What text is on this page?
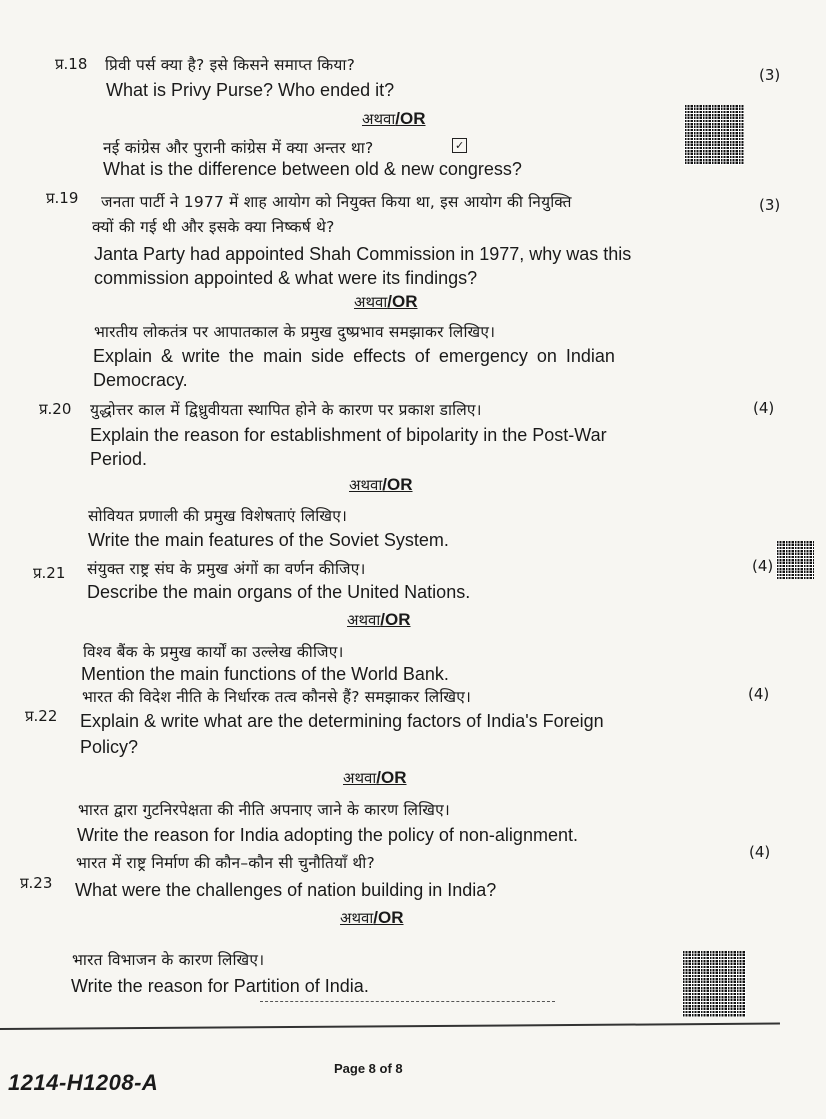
प्र.18 प्रिवी पर्स क्या है? इसे किसने समाप्त किया?
What is Privy Purse? Who ended it?
(3)
अथवा/OR
नई कांग्रेस और पुरानी कांग्रेस में क्या अन्तर था?	✓
What is the difference between old & new congress?
प्र.19 जनता पार्टी ने 1977 में शाह आयोग को नियुक्त किया था, इस आयोग की नियुक्ति
क्यों की गई थी और इसके क्या निष्कर्ष थे?
(3)
Janta Party had appointed Shah Commission in 1977, why was this
commission appointed & what were its findings?
अथवा/OR
भारतीय लोकतंत्र पर आपातकाल के प्रमुख दुष्प्रभाव समझाकर लिखिए।
Explain & write the main side effects of emergency on Indian
Democracy.
प्र.20 युद्धोत्तर काल में द्विध्रुवीयता स्थापित होने के कारण पर प्रकाश डालिए।	(4)
Explain the reason for establishment of bipolarity in the Post-War
Period.
अथवा/OR
सोवियत प्रणाली की प्रमुख विशेषताएं लिखिए।
Write the main features of the Soviet System.
प्र.21 संयुक्त राष्ट्र संघ के प्रमुख अंगों का वर्णन कीजिए।	(4)
Describe the main organs of the United Nations.
अथवा/OR
विश्व बैंक के प्रमुख कार्यों का उल्लेख कीजिए।
Mention the main functions of the World Bank.
प्र.22
भारत की विदेश नीति के निर्धारक तत्व कौनसे हैं? समझाकर लिखिए।	(4)
Explain & write what are the determining factors of India's Foreign
Policy?
अथवा/OR
भारत द्वारा गुटनिरपेक्षता की नीति अपनाए जाने के कारण लिखिए।
Write the reason for India adopting the policy of non-alignment.
प्र.23
भारत में राष्ट्र निर्माण की कौन–कौन सी चुनौतियाँ थी?
(4)
What were the challenges of nation building in India?
अथवा/OR
भारत विभाजन के कारण लिखिए।
Write the reason for Partition of India.
Page 8 of 8
1214-H1208-A
